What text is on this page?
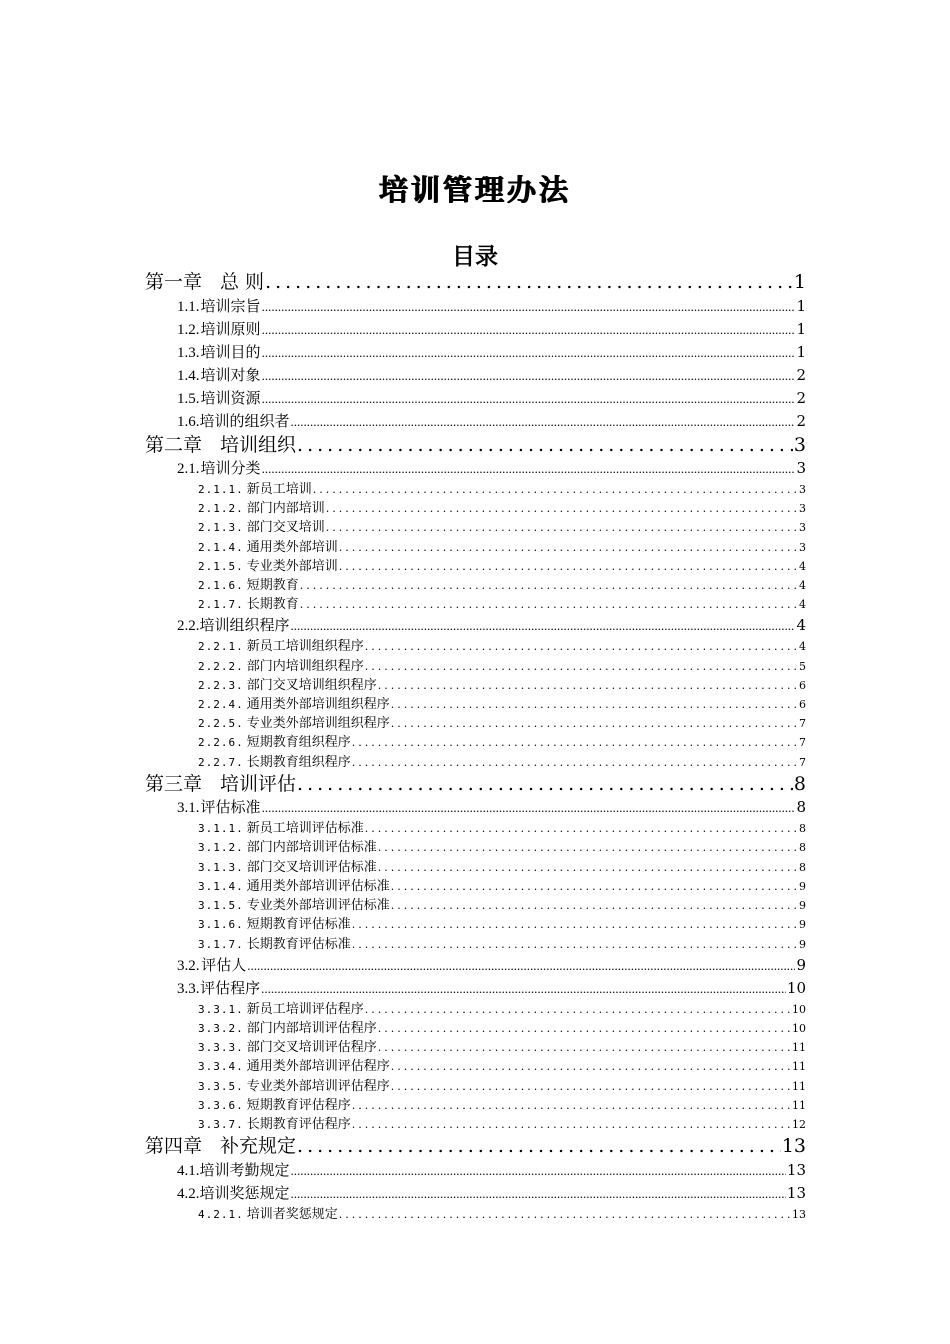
培训管理办法
目录
第一章 总 则 .....	1
1.1. 培训宗旨 .....	1
1.2. 培训原则 .....	1
1.3. 培训目的 .....	1
1.4. 培训对象 .....	2
1.5. 培训资源 .....	2
1.6. 培训的组织者 .....	2
第二章 培训组织 .....	3
2.1. 培训分类 .....	3
2.1.1. 新员工培训 .....	3
2.1.2. 部门内部培训 .....	3
2.1.3. 部门交叉培训 .....	3
2.1.4. 通用类外部培训 .....	3
2.1.5. 专业类外部培训 .....	4
2.1.6. 短期教育 .....	4
2.1.7. 长期教育 .....	4
2.2. 培训组织程序 .....	4
2.2.1. 新员工培训组织程序 .....	4
2.2.2. 部门内培训组织程序 .....	5
2.2.3. 部门交叉培训组织程序 .....	6
2.2.4. 通用类外部培训组织程序 .....	6
2.2.5. 专业类外部培训组织程序 .....	7
2.2.6. 短期教育组织程序 .....	7
2.2.7. 长期教育组织程序 .....	7
第三章 培训评估 .....	8
3.1. 评估标准 .....	8
3.1.1. 新员工培训评估标准 .....	8
3.1.2. 部门内部培训评估标准 .....	8
3.1.3. 部门交叉培训评估标准 .....	8
3.1.4. 通用类外部培训评估标准 .....	9
3.1.5. 专业类外部培训评估标准 .....	9
3.1.6. 短期教育评估标准 .....	9
3.1.7. 长期教育评估标准 .....	9
3.2. 评估人 .....	9
3.3. 评估程序 .....	10
3.3.1. 新员工培训评估程序 .....	10
3.3.2. 部门内部培训评估程序 .....	10
3.3.3. 部门交叉培训评估程序 .....	11
3.3.4. 通用类外部培训评估程序 .....	11
3.3.5. 专业类外部培训评估程序 .....	11
3.3.6. 短期教育评估程序 .....	11
3.3.7. 长期教育评估程序 .....	12
第四章 补充规定 .....	13
4.1. 培训考勤规定 .....	13
4.2. 培训奖惩规定 .....	13
4.2.1. 培训者奖惩规定 .....	13
